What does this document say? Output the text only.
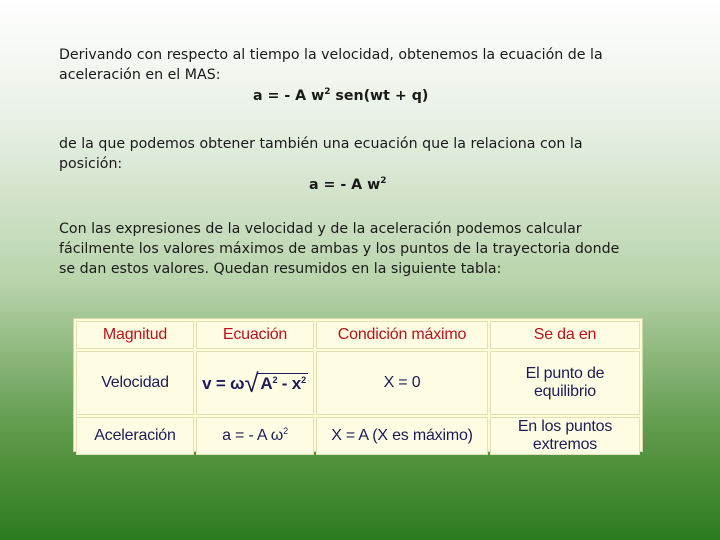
Derivando con respecto al tiempo la velocidad, obtenemos la ecuación de la aceleración en el MAS:

a = - A $w^2$ sen(wt + q)

de la que podemos obtener también una ecuación que la relaciona con la posición:

a = - A $w^2$

Con las expresiones de la velocidad y de la aceleración podemos calcular fácilmente los valores máximos de ambas y los puntos de la trayectoria donde se dan estos valores. Quedan resumidos en la siguiente tabla:

Magnitud	Ecuación	Condición máximo	Se da en
Velocidad	v = ω√ $A^2 - x^2$	X = 0	El punto de equilibrio
Aceleración	a = - A $\omega^2$	X = A (X es máximo)	En los puntos extremos
